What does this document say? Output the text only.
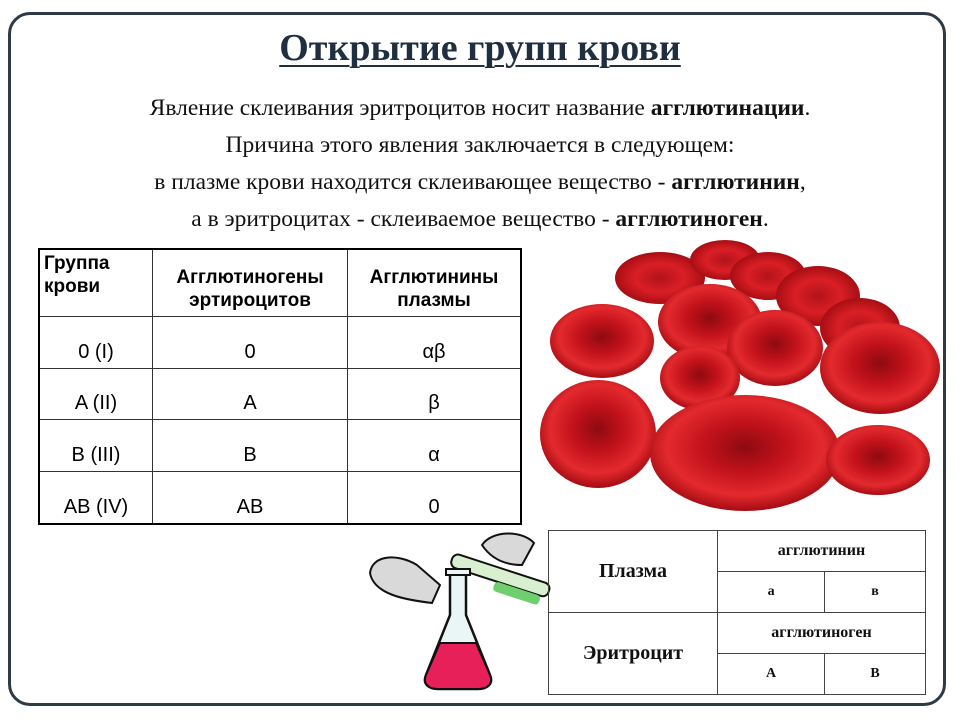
Открытие групп крови
Явление склеивания эритроцитов носит название агглютинации.
Причина этого явления заключается в следующем:
в плазме крови находится склеивающее вещество - агглютинин,
а в эритроцитах - склеиваемое вещество - агглютиноген.
Группа крови	Агглютиногены эртироцитов	Агглютинины плазмы
0 (I)	0	αβ
A (II)	A	β
B (III)	B	α
AB (IV)	AB	0
Плазма	агглютинин	
	а	в
Эритроцит	агглютиноген	
	А	В
